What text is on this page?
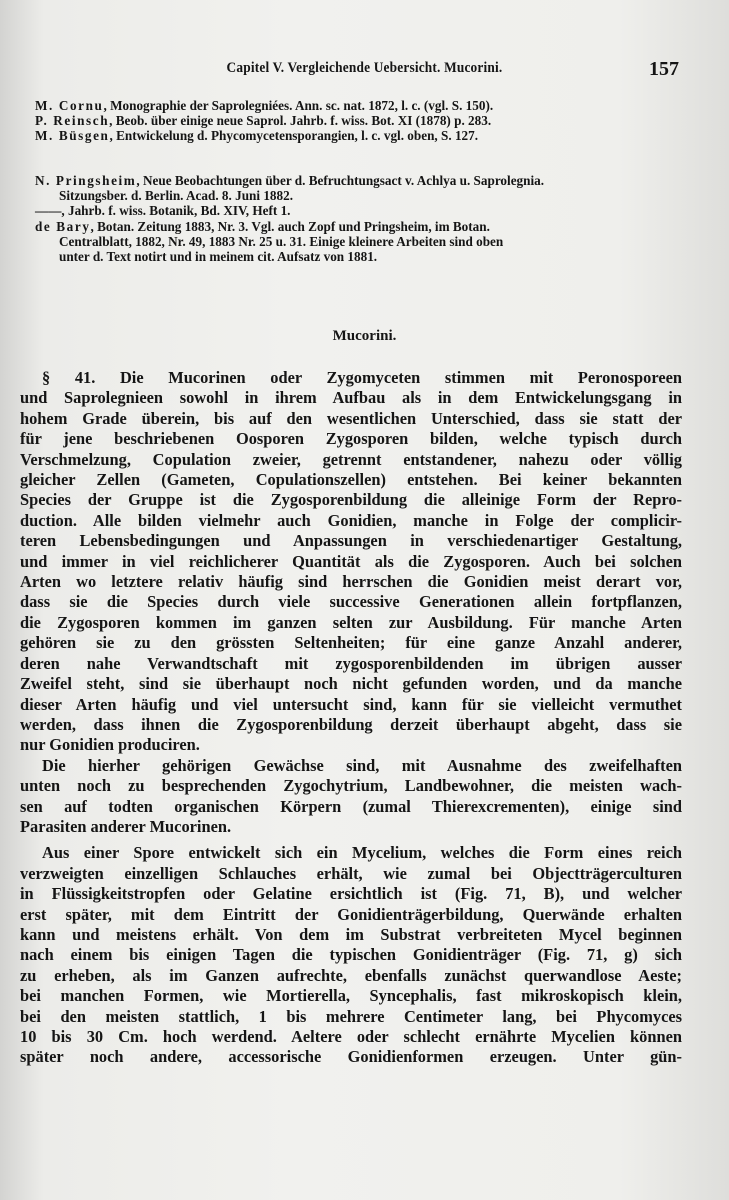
Capitel V. Vergleichende Uebersicht. Mucorini.	157
M. Cornu, Monographie der Saprolegniées. Ann. sc. nat. 1872, l. c. (vgl. S. 150).
P. Reinsch, Beob. über einige neue Saprol. Jahrb. f. wiss. Bot. XI (1878) p. 283.
M. Büsgen, Entwickelung d. Phycomycetensporangien, l. c. vgl. oben, S. 127.
N. Pringsheim, Neue Beobachtungen über d. Befruchtungsact v. Achlya u. Saprolegnia.
Sitzungsber. d. Berlin. Acad. 8. Juni 1882.
——, Jahrb. f. wiss. Botanik, Bd. XIV, Heft 1.
de Bary, Botan. Zeitung 1883, Nr. 3. Vgl. auch Zopf und Pringsheim, im Botan.
Centralblatt, 1882, Nr. 49, 1883 Nr. 25 u. 31. Einige kleinere Arbeiten sind oben
unter d. Text notirt und in meinem cit. Aufsatz von 1881.
Mucorini.
§ 41. Die Mucorinen oder Zygomyceten stimmen mit Peronosporeen
und Saprolegnieen sowohl in ihrem Aufbau als in dem Entwickelungsgang in
hohem Grade überein, bis auf den wesentlichen Unterschied, dass sie statt der
für jene beschriebenen Oosporen Zygosporen bilden, welche typisch durch
Verschmelzung, Copulation zweier, getrennt entstandener, nahezu oder völlig
gleicher Zellen (Gameten, Copulationszellen) entstehen. Bei keiner bekannten
Species der Gruppe ist die Zygosporenbildung die alleinige Form der Repro-
duction. Alle bilden vielmehr auch Gonidien, manche in Folge der complicir-
teren Lebensbedingungen und Anpassungen in verschiedenartiger Gestaltung,
und immer in viel reichlicherer Quantität als die Zygosporen. Auch bei solchen
Arten wo letztere relativ häufig sind herrschen die Gonidien meist derart vor,
dass sie die Species durch viele successive Generationen allein fortpflanzen,
die Zygosporen kommen im ganzen selten zur Ausbildung. Für manche Arten
gehören sie zu den grössten Seltenheiten; für eine ganze Anzahl anderer,
deren nahe Verwandtschaft mit zygosporenbildenden im übrigen ausser
Zweifel steht, sind sie überhaupt noch nicht gefunden worden, und da manche
dieser Arten häufig und viel untersucht sind, kann für sie vielleicht vermuthet
werden, dass ihnen die Zygosporenbildung derzeit überhaupt abgeht, dass sie
nur Gonidien produciren.
Die hierher gehörigen Gewächse sind, mit Ausnahme des zweifelhaften
unten noch zu besprechenden Zygochytrium, Landbewohner, die meisten wach-
sen auf todten organischen Körpern (zumal Thierexcrementen), einige sind
Parasiten anderer Mucorinen.
Aus einer Spore entwickelt sich ein Mycelium, welches die Form eines reich
verzweigten einzelligen Schlauches erhält, wie zumal bei Objectträgerculturen
in Flüssigkeitstropfen oder Gelatine ersichtlich ist (Fig. 71, B), und welcher
erst später, mit dem Eintritt der Gonidienträgerbildung, Querwände erhalten
kann und meistens erhält. Von dem im Substrat verbreiteten Mycel beginnen
nach einem bis einigen Tagen die typischen Gonidienträger (Fig. 71, g) sich
zu erheben, als im Ganzen aufrechte, ebenfalls zunächst querwandlose Aeste;
bei manchen Formen, wie Mortierella, Syncephalis, fast mikroskopisch klein,
bei den meisten stattlich, 1 bis mehrere Centimeter lang, bei Phycomyces
10 bis 30 Cm. hoch werdend. Aeltere oder schlecht ernährte Mycelien können
später noch andere, accessorische Gonidienformen erzeugen. Unter gün-
